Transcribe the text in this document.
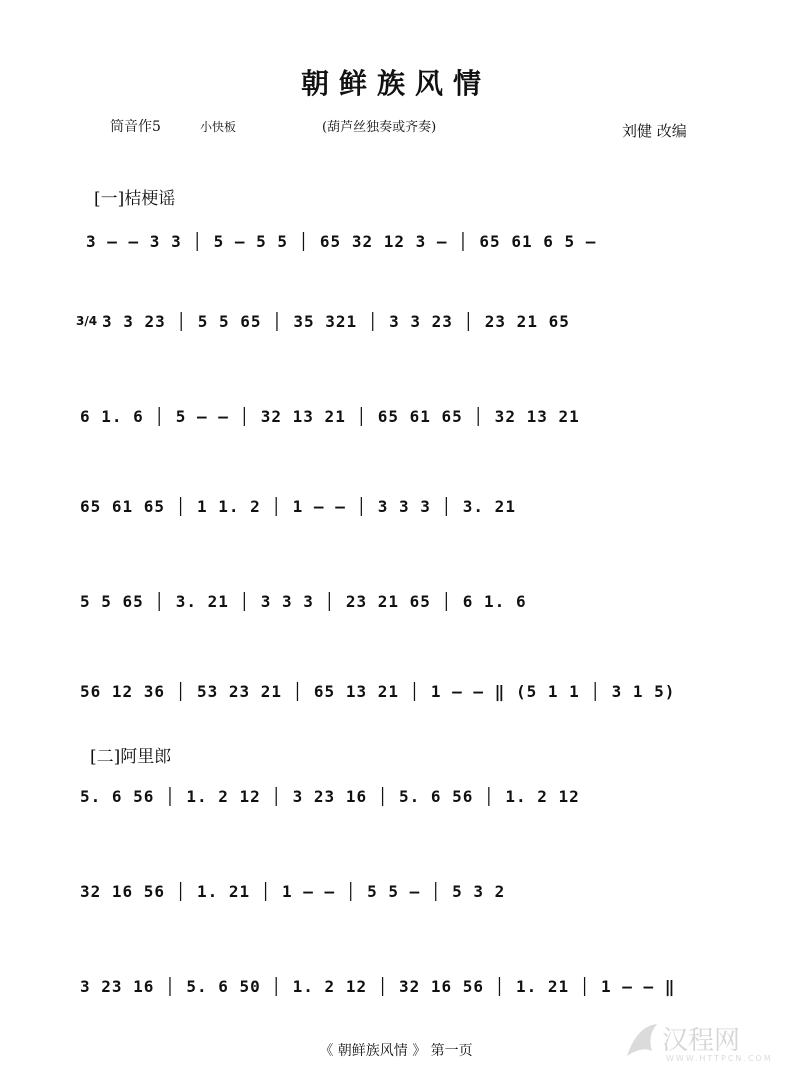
朝鲜族风情
筒音作5	小快板	(葫芦丝独奏或齐奏)	刘健 改编
[一]桔梗谣
3 — — 3 3 │ 5 — 5 5 │ 65 32 12 3 — │ 65 61 6 5 —
3/4 3 3 23 │ 5 5 65 │ 35 321 │ 3 3 23 │ 23 21 65
6 1. 6 │ 5 — — │ 32 13 21 │ 65 61 65 │ 32 13 21
65 61 65 │ 1 1. 2 │ 1 — — │ 3 3 3 │ 3. 21
5 5 65 │ 3. 21 │ 3 3 3 │ 23 21 65 │ 6 1. 6
56 12 36 │ 53 23 21 │ 65 13 21 │ 1 — — ‖ (5 1 1 │ 3 1 5)
[二]阿里郎
5. 6 56 │ 1. 2 12 │ 3 23 16 │ 5. 6 56 │ 1. 2 12
32 16 56 │ 1. 21 │ 1 — — │ 5 5 — │ 5 3 2
3 23 16 │ 5. 6 50 │ 1. 2 12 │ 32 16 56 │ 1. 21 │ 1 — — ‖
《 朝鲜族风情 》 第一页	汉程网
WWW.HTTPCN.COM
